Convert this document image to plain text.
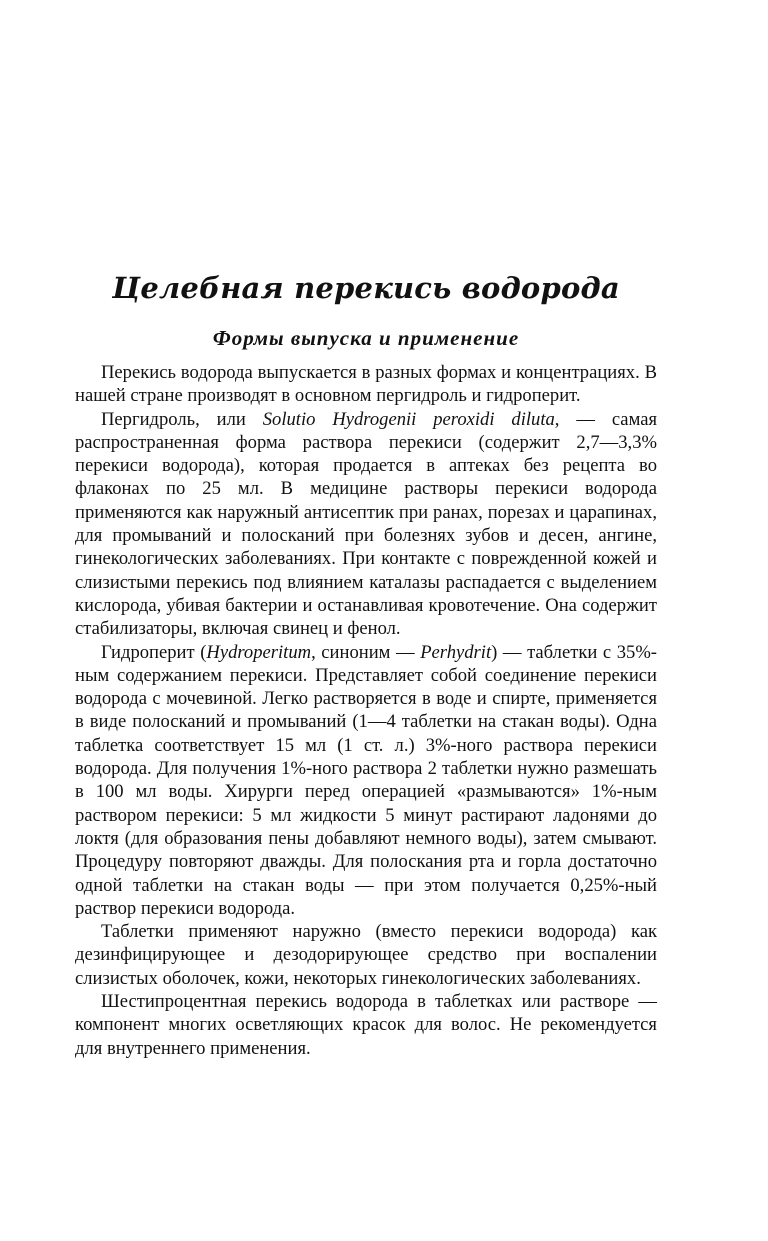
Целебная перекись водорода
Формы выпуска и применение

Перекись водорода выпускается в разных формах и концентрациях. В нашей стране производят в основном пергидроль и гидроперит.

Пергидроль, или Solutio Hydrogenii peroxidi diluta, — самая распространенная форма раствора перекиси (содержит 2,7—3,3% перекиси водорода), которая продается в аптеках без рецепта во флаконах по 25 мл. В медицине растворы перекиси водорода применяются как наружный антисептик при ранах, порезах и царапинах, для промываний и полосканий при болезнях зубов и десен, ангине, гинекологических заболеваниях. При контакте с поврежденной кожей и слизистыми перекись под влиянием каталазы распадается с выделением кислорода, убивая бактерии и останавливая кровотечение. Она содержит стабилизаторы, включая свинец и фенол.

Гидроперит (Hydroperitum, синоним — Perhydrit) — таблетки с 35%-ным содержанием перекиси. Представляет собой соединение перекиси водорода с мочевиной. Легко растворяется в воде и спирте, применяется в виде полосканий и промываний (1—4 таблетки на стакан воды). Одна таблетка соответствует 15 мл (1 ст. л.) 3%-ного раствора перекиси водорода. Для получения 1%-ного раствора 2 таблетки нужно размешать в 100 мл воды. Хирурги перед операцией «размываются» 1%-ным раствором перекиси: 5 мл жидкости 5 минут растирают ладонями до локтя (для образования пены добавляют немного воды), затем смывают. Процедуру повторяют дважды. Для полоскания рта и горла достаточно одной таблетки на стакан воды — при этом получается 0,25%-ный раствор перекиси водорода.

Таблетки применяют наружно (вместо перекиси водорода) как дезинфицирующее и дезодорирующее средство при воспалении слизистых оболочек, кожи, некоторых гинекологических заболеваниях.

Шестипроцентная перекись водорода в таблетках или растворе — компонент многих осветляющих красок для волос. Не рекомендуется для внутреннего применения.
